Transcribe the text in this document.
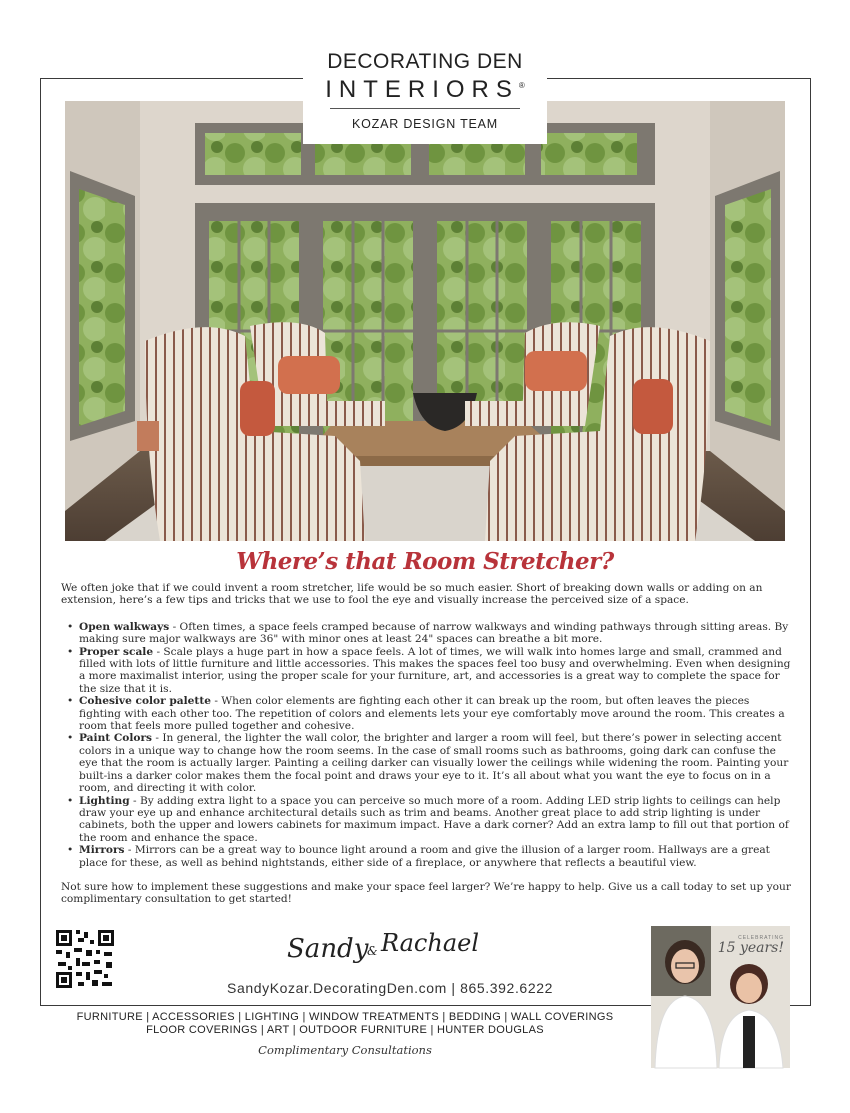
DECORATING DEN
INTERIORS®
KOZAR DESIGN TEAM
Where’s that Room Stretcher?

We often joke that if we could invent a room stretcher, life would be so much easier. Short of breaking down walls or adding on an extension, here’s a few tips and tricks that we use to fool the eye and visually increase the perceived size of a space.

• Open walkways - Often times, a space feels cramped because of narrow walkways and winding pathways through sitting areas. By making sure major walkways are 36" with minor ones at least 24" spaces can breathe a bit more.
• Proper scale - Scale plays a huge part in how a space feels. A lot of times, we will walk into homes large and small, crammed and filled with lots of little furniture and little accessories. This makes the spaces feel too busy and overwhelming. Even when designing a more maximalist interior, using the proper scale for your furniture, art, and accessories is a great way to complete the space for the size that it is.
• Cohesive color palette - When color elements are fighting each other it can break up the room, but often leaves the pieces fighting with each other too. The repetition of colors and elements lets your eye comfortably move around the room. This creates a room that feels more pulled together and cohesive.
• Paint Colors - In general, the lighter the wall color, the brighter and larger a room will feel, but there’s power in selecting accent colors in a unique way to change how the room seems. In the case of small rooms such as bathrooms, going dark can confuse the eye that the room is actually larger. Painting a ceiling darker can visually lower the ceilings while widening the room. Painting your built-ins a darker color makes them the focal point and draws your eye to it. It’s all about what you want the eye to focus on in a room, and directing it with color.
• Lighting - By adding extra light to a space you can perceive so much more of a room. Adding LED strip lights to ceilings can help draw your eye up and enhance architectural details such as trim and beams. Another great place to add strip lighting is under cabinets, both the upper and lowers cabinets for maximum impact. Have a dark corner? Add an extra lamp to fill out that portion of the room and enhance the space.
• Mirrors - Mirrors can be a great way to bounce light around a room and give the illusion of a larger room. Hallways are a great place for these, as well as behind nightstands, either side of a fireplace, or anywhere that reflects a beautiful view.

Not sure how to implement these suggestions and make your space feel larger? We’re happy to help. Give us a call today to set up your complimentary consultation to get started!

Sandy
& Rachael
SandyKozar.DecoratingDen.com | 865.392.6222
CELEBRATING
15 years!
FURNITURE | ACCESSORIES | LIGHTING | WINDOW TREATMENTS | BEDDING | WALL COVERINGS
FLOOR COVERINGS | ART | OUTDOOR FURNITURE | HUNTER DOUGLAS
Complimentary Consultations
